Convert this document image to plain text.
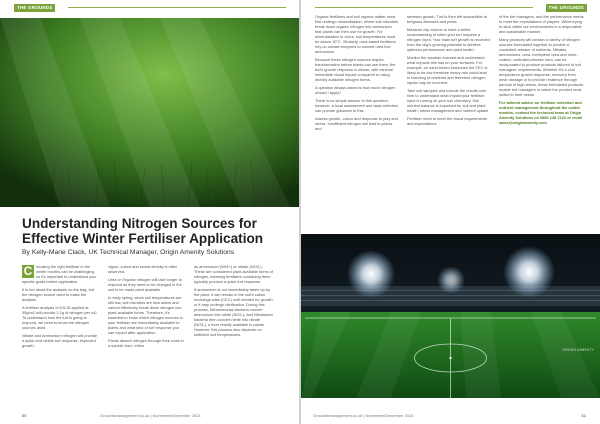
THE GROUNDS
Understanding Nitrogen Sources for Effective Winter Fertiliser Application
By Kelly-Marie Clack, UK Technical Manager, Origin Amenity Solutions

C hoosing the right fertiliser in the winter months can be challenging, so it's important to understand your specific goals before application.

It is not about the analysis on the bag, but the nitrogen source used to make the analysis.

A fertiliser analysis of 6:5:18 applied at 35g/m2 will provide 2.1g of nitrogen per m2. To understand how the turf is going to respond, we need to know the nitrogen sources used.

Nitrate and Ammonium nitrogen will provide a quick and visible turf response, improved growth,

vigour, colour and sward density is often observed.

Urea or Organic nitrogen will take longer to respond as they need to be changed in the soil to be made plant available.

In early spring, when soil temperatures are still low, soil microbes are less active and cannot effectively break down nitrogen into plant-available forms. Therefore, it's essential to know which nitrogen sources in your fertiliser are immediately available to plants and what kind of turf response you can expect after application.

Plants absorb nitrogen through their roots in a soluble form, either

as ammonium (NH4+) or nitrate (NO3-). These are considered plant-available forms of nitrogen, meaning fertilisers containing them typically produce a quick turf response.

If ammonium is not immediately taken up by the plant, it can remain in the soil's cation exchange sites (CEC) until needed for growth, or it may undergo nitrification. During this process, Nitrosomonas bacteria convert ammonium into nitrite (NO2-), and Nitrobacter bacteria then convert nitrite into nitrate (NO3-), a form readily available to plants. However, this process also depends on sufficient soil temperatures.

60	Groundsmanagement.co.uk | November/December 2024
THE GROUNDS

Organic fertilisers and soil organic matter must first undergo mineralisation, where soil microbes break down organic nitrogen into ammonium that plants can then use for growth. For mineralisation to occur, soil temperatures must be above 10°C. Similarly, urea-based fertilisers rely on urease enzymes to convert urea into ammonium.

Because these nitrogen sources require transformation before plants can use them, the turf's growth response is slower, with minimal immediate visual impact compared to using directly available nitrogen forms.

A question always asked is how much nitrogen should I apply?

There is no simple answer to this question; however, a local assessment and data collection can provide guidance to this.

Assess growth, colour and response to play and stress. Insufficient nitrogen will lead to yellow and

stressed growth. Turf is then left susceptible to turfgrass diseases and pests.

Measure clip volume to have a better understanding of when your turf requires a nitrogen input. Your main turf growth is recorded from the day's growing potential to achieve optimum performance and plant health.

Monitor the weather forecast and understand what impacts this has on your surfaces. For example, on sand-based rootzones the CEC is likely to be low therefore heavy rain could lead to leaching of nutrients and therefore nitrogen inputs may be incorrect.

Take soil samples and include the results over time to understand what impact your fertiliser input is having on your soil chemistry. Soil nutrient balance is important for soil and plant health, stress management and nutrient uptake.

Fertiliser need to meet the visual requirements and expectations

of the turf managers, and the performance needs to meet the expectations of players. While trying to stick within our environments in a responsible and sustainable manner.

Many products will contain a variety of nitrogen sources formulated together to provide a consistent release of nutrients. Nitrates, ammoniums, urea, methylene urea and resin-coated, controlled-release urea, can be incorporated to produce products tailored to turf managers' requirements. Whether it's a cool temperature growth response, recovery from wear damage or to provide resilience through periods of high stress, these formulated products enable turf managers to select the product most suited to their needs.

For tailored advice on fertiliser selection and nutrient management throughout the colder months, contact the technical team at Origin Amenity Solutions on 0800 138 7222 or email sales@originamenity.com

ORIGIN AMENITY
Groundsmanagement.co.uk | November/December 2024	61
